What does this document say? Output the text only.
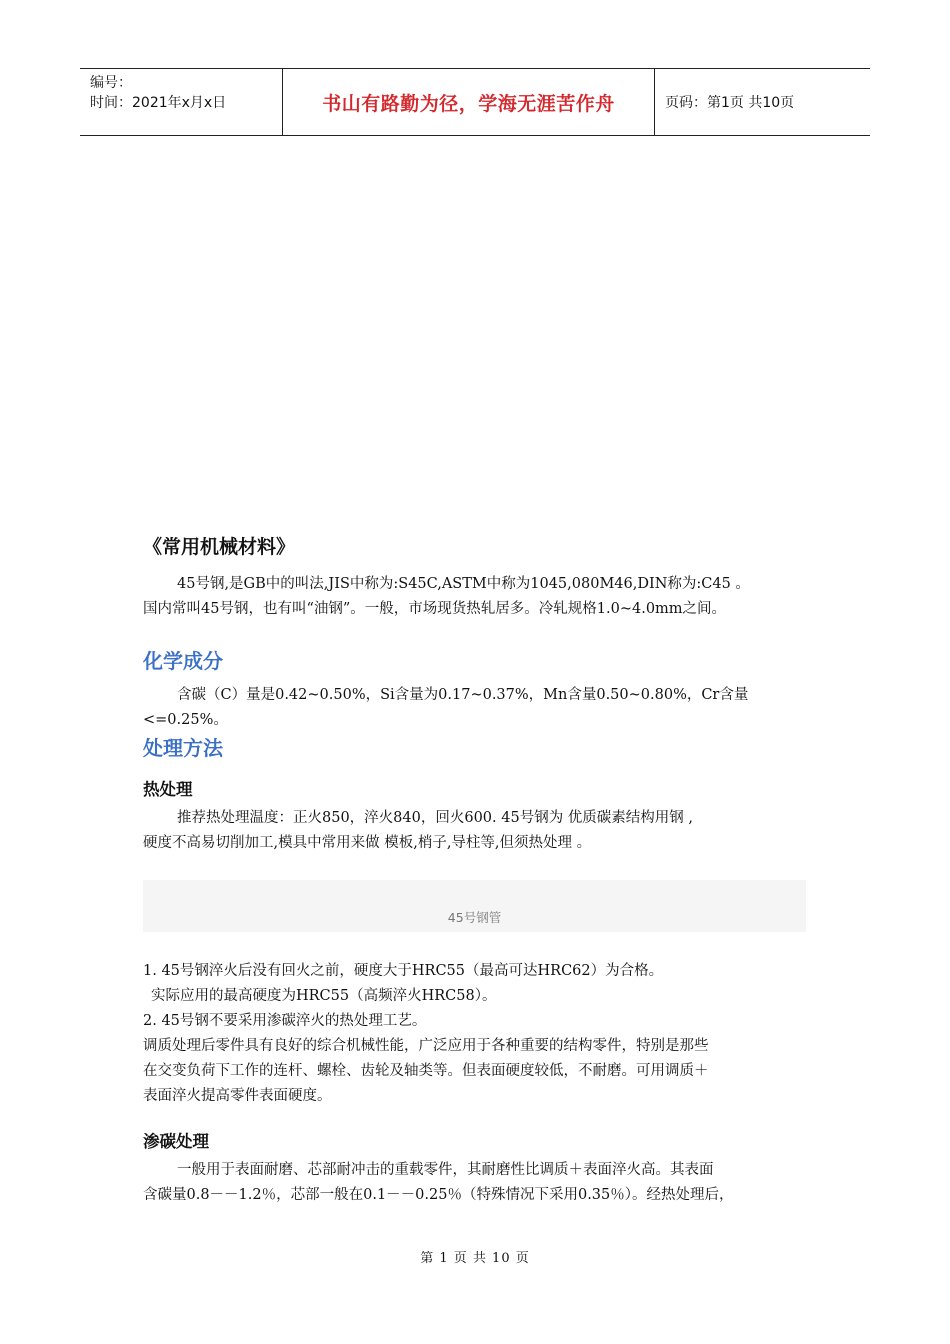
编号：
时间：2021年x月x日	书山有路勤为径，学海无涯苦作舟	页码：第1页 共10页
《常用机械材料》
45号钢,是GB中的叫法,JIS中称为:S45C,ASTM中称为1045,080M46,DIN称为:C45 。
国内常叫45号钢，也有叫“油钢”。一般，市场现货热轧居多。冷轧规格1.0~4.0mm之间。
化学成分
含碳（C）量是0.42~0.50%，Si含量为0.17~0.37%，Mn含量0.50~0.80%，Cr含量
<=0.25%。
处理方法
热处理
推荐热处理温度：正火850，淬火840，回火600. 45号钢为 优质碳素结构用钢 ,
硬度不高易切削加工,模具中常用来做 模板,梢子,导柱等,但须热处理 。
45号钢管
1. 45号钢淬火后没有回火之前，硬度大于HRC55（最高可达HRC62）为合格。
实际应用的最高硬度为HRC55（高频淬火HRC58）。
2. 45号钢不要采用渗碳淬火的热处理工艺。
调质处理后零件具有良好的综合机械性能，广泛应用于各种重要的结构零件，特别是那些
在交变负荷下工作的连杆、螺栓、齿轮及轴类等。但表面硬度较低，不耐磨。可用调质＋
表面淬火提高零件表面硬度。
渗碳处理
一般用于表面耐磨、芯部耐冲击的重载零件，其耐磨性比调质＋表面淬火高。其表面
含碳量0.8－－1.2％，芯部一般在0.1－－0.25％（特殊情况下采用0.35％）。经热处理后，
第 1 页 共 10 页
